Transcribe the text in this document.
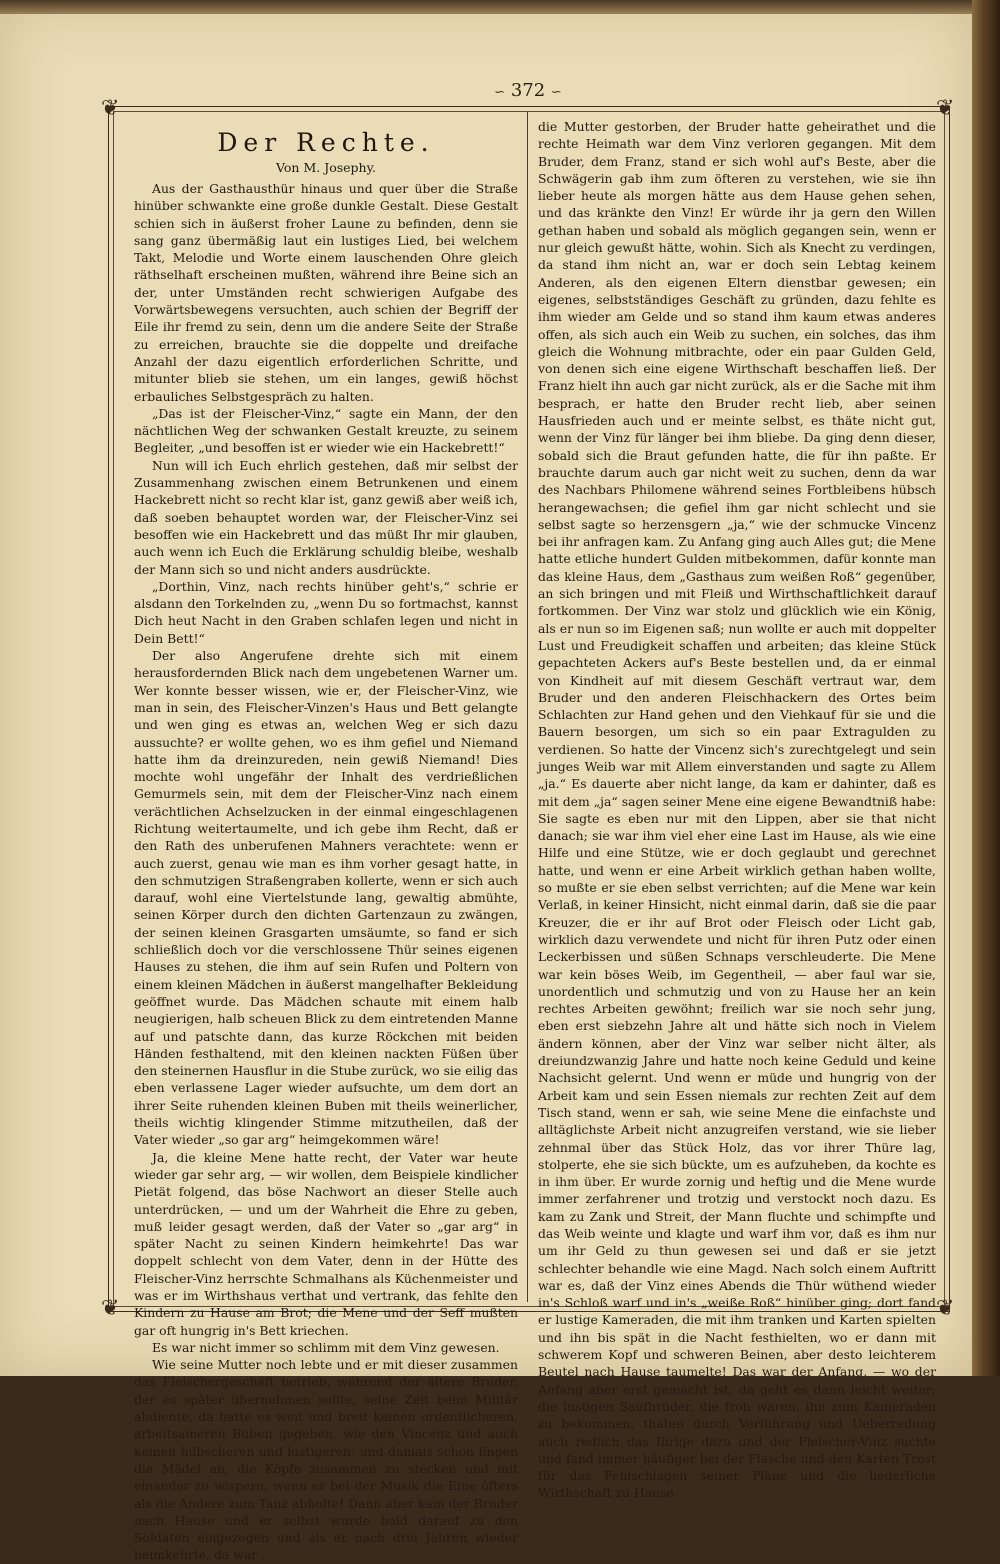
∽ 372 ∽
❦	❦
❦	❦
Der Rechte.
Von M. Josephy.

Aus der Gasthausthür hinaus und quer über die Straße hinüber schwankte eine große dunkle Gestalt. Diese Gestalt schien sich in äußerst froher Laune zu befinden, denn sie sang ganz übermäßig laut ein lustiges Lied, bei welchem Takt, Melodie und Worte einem lauschenden Ohre gleich räthselhaft erscheinen mußten, während ihre Beine sich an der, unter Umständen recht schwierigen Aufgabe des Vorwärtsbewegens versuchten, auch schien der Begriff der Eile ihr fremd zu sein, denn um die andere Seite der Straße zu erreichen, brauchte sie die doppelte und dreifache Anzahl der dazu eigentlich erforderlichen Schritte, und mitunter blieb sie stehen, um ein langes, gewiß höchst erbauliches Selbstgespräch zu halten.

„Das ist der Fleischer-Vinz,“ sagte ein Mann, der den nächtlichen Weg der schwanken Gestalt kreuzte, zu seinem Begleiter, „und besoffen ist er wieder wie ein Hackebrett!“

Nun will ich Euch ehrlich gestehen, daß mir selbst der Zusammenhang zwischen einem Betrunkenen und einem Hackebrett nicht so recht klar ist, ganz gewiß aber weiß ich, daß soeben behauptet worden war, der Fleischer-Vinz sei besoffen wie ein Hackebrett und das müßt Ihr mir glauben, auch wenn ich Euch die Erklärung schuldig bleibe, weshalb der Mann sich so und nicht anders ausdrückte.

„Dorthin, Vinz, nach rechts hinüber geht's,“ schrie er alsdann den Torkelnden zu, „wenn Du so fortmachst, kannst Dich heut Nacht in den Graben schlafen legen und nicht in Dein Bett!“

Der also Angerufene drehte sich mit einem herausfordernden Blick nach dem ungebetenen Warner um. Wer konnte besser wissen, wie er, der Fleischer-Vinz, wie man in sein, des Fleischer-Vinzen's Haus und Bett gelangte und wen ging es etwas an, welchen Weg er sich dazu aussuchte? er wollte gehen, wo es ihm gefiel und Niemand hatte ihm da dreinzureden, nein gewiß Niemand! Dies mochte wohl ungefähr der Inhalt des verdrießlichen Gemurmels sein, mit dem der Fleischer-Vinz nach einem verächtlichen Achselzucken in der einmal eingeschlagenen Richtung weitertaumelte, und ich gebe ihm Recht, daß er den Rath des unberufenen Mahners verachtete: wenn er auch zuerst, genau wie man es ihm vorher gesagt hatte, in den schmutzigen Straßengraben kollerte, wenn er sich auch darauf, wohl eine Viertelstunde lang, gewaltig abmühte, seinen Körper durch den dichten Gartenzaun zu zwängen, der seinen kleinen Grasgarten umsäumte, so fand er sich schließlich doch vor die verschlossene Thür seines eigenen Hauses zu stehen, die ihm auf sein Rufen und Poltern von einem kleinen Mädchen in äußerst mangelhafter Bekleidung geöffnet wurde. Das Mädchen schaute mit einem halb neugierigen, halb scheuen Blick zu dem eintretenden Manne auf und patschte dann, das kurze Röckchen mit beiden Händen festhaltend, mit den kleinen nackten Füßen über den steinernen Hausflur in die Stube zurück, wo sie eilig das eben verlassene Lager wieder aufsuchte, um dem dort an ihrer Seite ruhenden kleinen Buben mit theils weinerlicher, theils wichtig klingender Stimme mitzutheilen, daß der Vater wieder „so gar arg“ heimgekommen wäre!

Ja, die kleine Mene hatte recht, der Vater war heute wieder gar sehr arg, — wir wollen, dem Beispiele kindlicher Pietät folgend, das böse Nachwort an dieser Stelle auch unterdrücken, — und um der Wahrheit die Ehre zu geben, muß leider gesagt werden, daß der Vater so „gar arg“ in später Nacht zu seinen Kindern heimkehrte! Das war doppelt schlecht von dem Vater, denn in der Hütte des Fleischer-Vinz herrschte Schmalhans als Küchenmeister und was er im Wirthshaus verthat und vertrank, das fehlte den Kindern zu Hause am Brot; die Mene und der Seff mußten gar oft hungrig in's Bett kriechen.

Es war nicht immer so schlimm mit dem Vinz gewesen.

Wie seine Mutter noch lebte und er mit dieser zusammen das Fleischergeschäft betrieb, während der ältere Bruder, der es später übernehmen sollte, seine Zeit beim Militär abdiente, da hatte es weit und breit keinen ordentlicheren, arbeitsameren Buben gegeben, wie den Vincenz und auch keinen hübscheren und lustigeren; und damals schon fingen die Mädel an, die Köpfe zusammen zu stecken und mit einander zu wispern, wenn er bei der Musik die Eine öfters als die Andere zum Tanz abholte! Dann aber kam der Bruder nach Hause und er selbst wurde bald darauf zu den Soldaten eingezogen und als er nach drei Jahren wieder heimkehrte, da war

die Mutter gestorben, der Bruder hatte geheirathet und die rechte Heimath war dem Vinz verloren gegangen. Mit dem Bruder, dem Franz, stand er sich wohl auf's Beste, aber die Schwägerin gab ihm zum öfteren zu verstehen, wie sie ihn lieber heute als morgen hätte aus dem Hause gehen sehen, und das kränkte den Vinz! Er würde ihr ja gern den Willen gethan haben und sobald als möglich gegangen sein, wenn er nur gleich gewußt hätte, wohin. Sich als Knecht zu verdingen, da stand ihm nicht an, war er doch sein Lebtag keinem Anderen, als den eigenen Eltern dienstbar gewesen; ein eigenes, selbstständiges Geschäft zu gründen, dazu fehlte es ihm wieder am Gelde und so stand ihm kaum etwas anderes offen, als sich auch ein Weib zu suchen, ein solches, das ihm gleich die Wohnung mitbrachte, oder ein paar Gulden Geld, von denen sich eine eigene Wirthschaft beschaffen ließ. Der Franz hielt ihn auch gar nicht zurück, als er die Sache mit ihm besprach, er hatte den Bruder recht lieb, aber seinen Hausfrieden auch und er meinte selbst, es thäte nicht gut, wenn der Vinz für länger bei ihm bliebe. Da ging denn dieser, sobald sich die Braut gefunden hatte, die für ihn paßte. Er brauchte darum auch gar nicht weit zu suchen, denn da war des Nachbars Philomene während seines Fortbleibens hübsch herangewachsen; die gefiel ihm gar nicht schlecht und sie selbst sagte so herzensgern „ja,“ wie der schmucke Vincenz bei ihr anfragen kam. Zu Anfang ging auch Alles gut; die Mene hatte etliche hundert Gulden mitbekommen, dafür konnte man das kleine Haus, dem „Gasthaus zum weißen Roß“ gegenüber, an sich bringen und mit Fleiß und Wirthschaftlichkeit darauf fortkommen. Der Vinz war stolz und glücklich wie ein König, als er nun so im Eigenen saß; nun wollte er auch mit doppelter Lust und Freudigkeit schaffen und arbeiten; das kleine Stück gepachteten Ackers auf's Beste bestellen und, da er einmal von Kindheit auf mit diesem Geschäft vertraut war, dem Bruder und den anderen Fleischhackern des Ortes beim Schlachten zur Hand gehen und den Viehkauf für sie und die Bauern besorgen, um sich so ein paar Extragulden zu verdienen. So hatte der Vincenz sich's zurechtgelegt und sein junges Weib war mit Allem einverstanden und sagte zu Allem „ja.“ Es dauerte aber nicht lange, da kam er dahinter, daß es mit dem „ja“ sagen seiner Mene eine eigene Bewandtniß habe: Sie sagte es eben nur mit den Lippen, aber sie that nicht danach; sie war ihm viel eher eine Last im Hause, als wie eine Hilfe und eine Stütze, wie er doch geglaubt und gerechnet hatte, und wenn er eine Arbeit wirklich gethan haben wollte, so mußte er sie eben selbst verrichten; auf die Mene war kein Verlaß, in keiner Hinsicht, nicht einmal darin, daß sie die paar Kreuzer, die er ihr auf Brot oder Fleisch oder Licht gab, wirklich dazu verwendete und nicht für ihren Putz oder einen Leckerbissen und süßen Schnaps verschleuderte. Die Mene war kein böses Weib, im Gegentheil, — aber faul war sie, unordentlich und schmutzig und von zu Hause her an kein rechtes Arbeiten gewöhnt; freilich war sie noch sehr jung, eben erst siebzehn Jahre alt und hätte sich noch in Vielem ändern können, aber der Vinz war selber nicht älter, als dreiundzwanzig Jahre und hatte noch keine Geduld und keine Nachsicht gelernt. Und wenn er müde und hungrig von der Arbeit kam und sein Essen niemals zur rechten Zeit auf dem Tisch stand, wenn er sah, wie seine Mene die einfachste und alltäglichste Arbeit nicht anzugreifen verstand, wie sie lieber zehnmal über das Stück Holz, das vor ihrer Thüre lag, stolperte, ehe sie sich bückte, um es aufzuheben, da kochte es in ihm über. Er wurde zornig und heftig und die Mene wurde immer zerfahrener und trotzig und verstockt noch dazu. Es kam zu Zank und Streit, der Mann fluchte und schimpfte und das Weib weinte und klagte und warf ihm vor, daß es ihm nur um ihr Geld zu thun gewesen sei und daß er sie jetzt schlechter behandle wie eine Magd. Nach solch einem Auftritt war es, daß der Vinz eines Abends die Thür wüthend wieder in's Schloß warf und in's „weiße Roß“ hinüber ging; dort fand er lustige Kameraden, die mit ihm tranken und Karten spielten und ihn bis spät in die Nacht festhielten, wo er dann mit schwerem Kopf und schweren Beinen, aber desto leichterem Beutel nach Hause taumelte! Das war der Anfang, — wo der Anfang aber erst gemacht ist, da geht es dann leicht weiter; die lustigen Saufbrüder, die froh waren, ihn zum Kameraden zu bekommen, thaten durch Verführung und Ueberredung auch redlich das Ihrige dazu und der Fleischer-Vinz suchte und fand immer häufiger bei der Flasche und den Karten Trost für das Fehlschlagen seiner Pläne und die liederliche Wirthschaft zu Hause.
